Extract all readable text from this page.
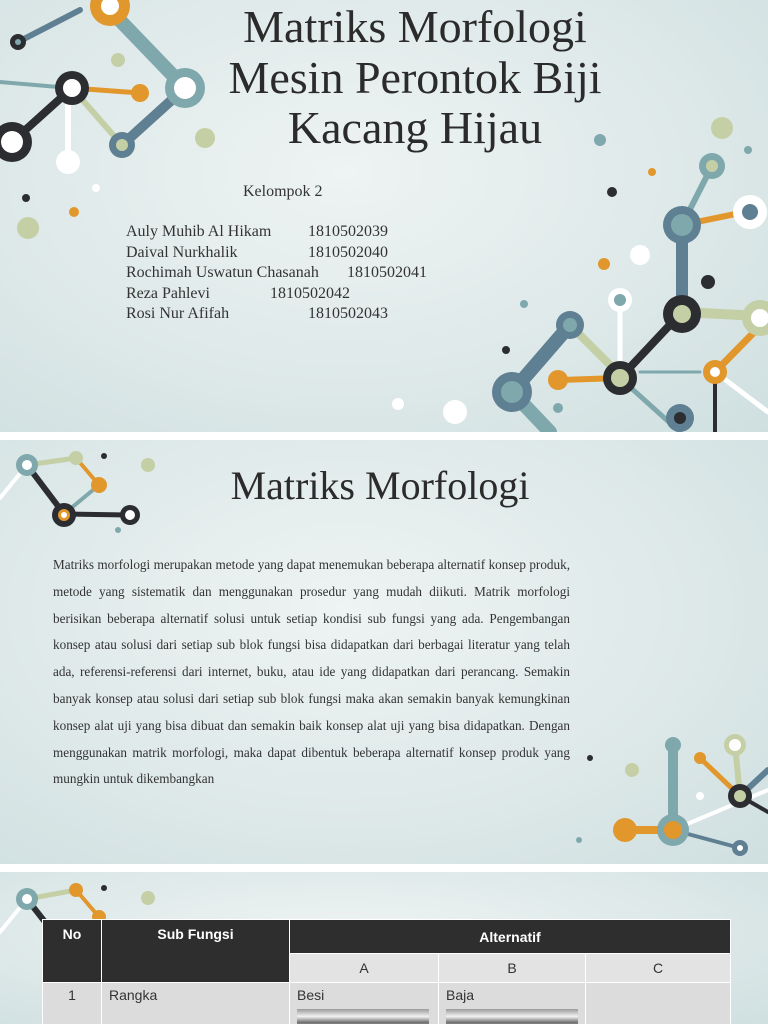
Matriks Morfologi Mesin Perontok Biji Kacang Hijau
Kelompok 2
Auly Muhib Al Hikam 1810502039
Daival Nurkhalik	1810502040
Rochimah Uswatun Chasanah 1810502041
Reza Pahlevi	1810502042
Rosi Nur Afifah	1810502043
Matriks Morfologi

Matriks morfologi merupakan metode yang dapat menemukan beberapa alternatif konsep produk, metode yang sistematik dan menggunakan prosedur yang mudah diikuti. Matrik morfologi berisikan beberapa alternatif solusi untuk setiap kondisi sub fungsi yang ada. Pengembangan konsep atau solusi dari setiap sub blok fungsi bisa didapatkan dari berbagai literatur yang telah ada, referensi-referensi dari internet, buku, atau ide yang didapatkan dari perancang. Semakin banyak konsep atau solusi dari setiap sub blok fungsi maka akan semakin banyak kemungkinan konsep alat uji yang bisa dibuat dan semakin baik konsep alat uji yang bisa didapatkan. Dengan menggunakan matrik morfologi, maka dapat dibentuk beberapa alternatif konsep produk yang mungkin untuk dikembangkan

No	Sub Fungsi	Alternatif		
		A	B	C
1	Rangka	Besi	Baja
